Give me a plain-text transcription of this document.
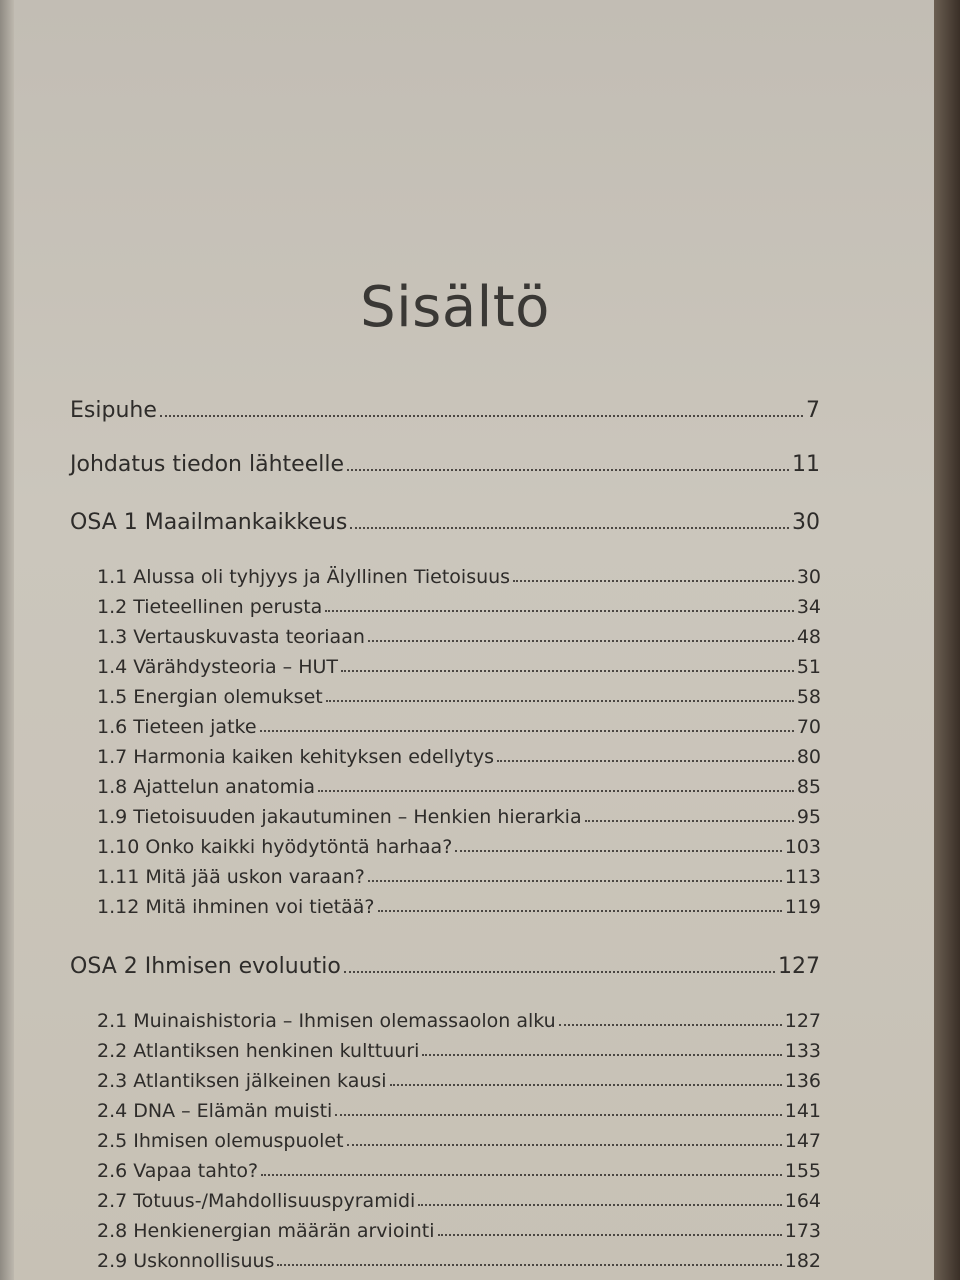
Sisältö
Esipuhe	7
Johdatus tiedon lähteelle	11
OSA 1 Maailmankaikkeus	30
1.1 Alussa oli tyhjyys ja Älyllinen Tietoisuus	30
1.2 Tieteellinen perusta	34
1.3 Vertauskuvasta teoriaan	48
1.4 Värähdysteoria – HUT	51
1.5 Energian olemukset	58
1.6 Tieteen jatke	70
1.7 Harmonia kaiken kehityksen edellytys	80
1.8 Ajattelun anatomia	85
1.9 Tietoisuuden jakautuminen – Henkien hierarkia	95
1.10 Onko kaikki hyödytöntä harhaa?	103
1.11 Mitä jää uskon varaan?	113
1.12 Mitä ihminen voi tietää?	119
OSA 2 Ihmisen evoluutio	127
2.1 Muinaishistoria – Ihmisen olemassaolon alku	127
2.2 Atlantiksen henkinen kulttuuri	133
2.3 Atlantiksen jälkeinen kausi	136
2.4 DNA – Elämän muisti	141
2.5 Ihmisen olemuspuolet	147
2.6 Vapaa tahto?	155
2.7 Totuus-/Mahdollisuuspyramidi	164
2.8 Henkienergian määrän arviointi	173
2.9 Uskonnollisuus	182
